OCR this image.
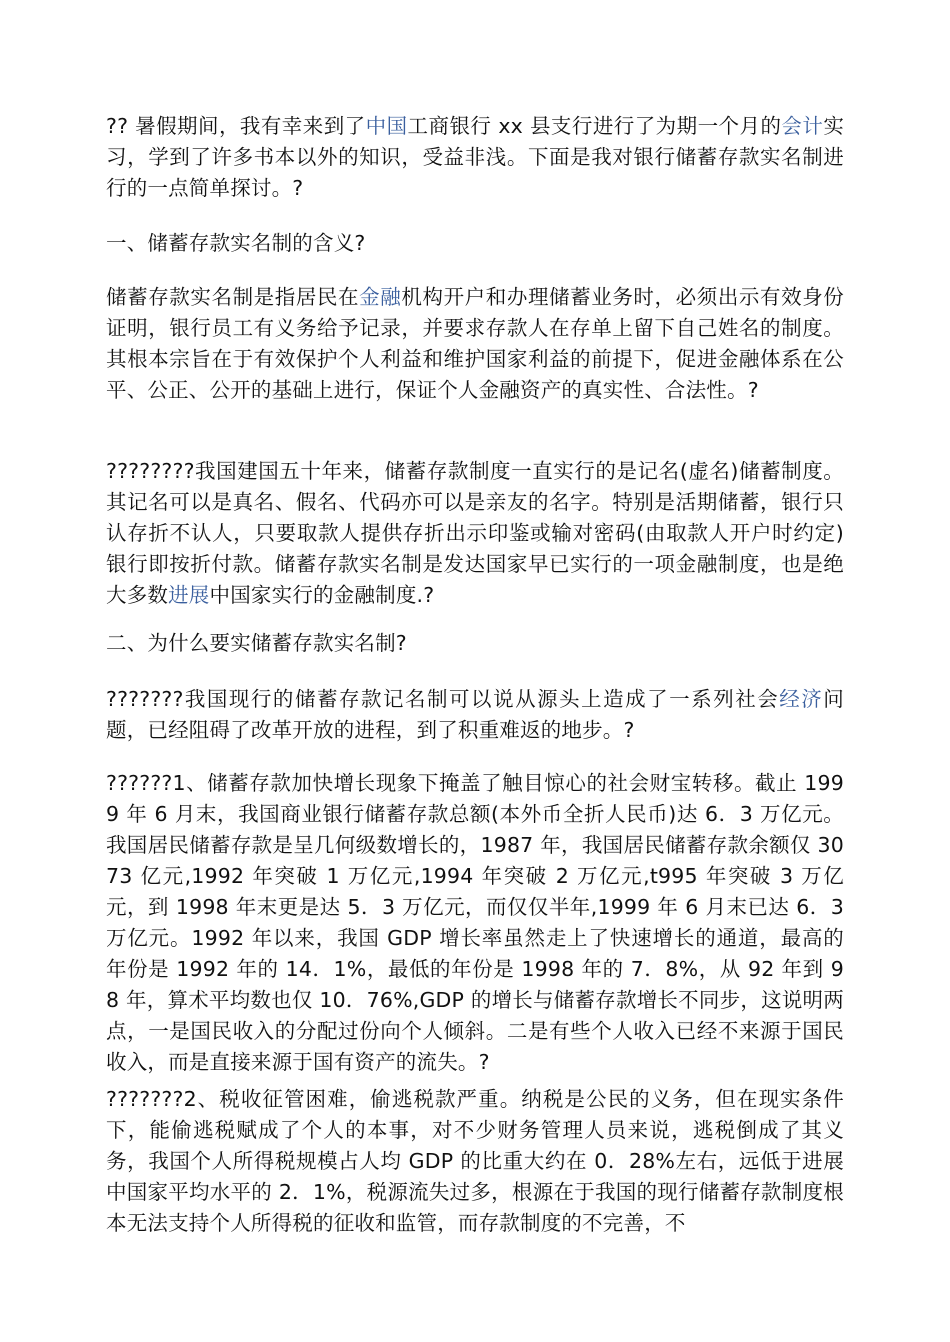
?? 暑假期间，我有幸来到了中国工商银行 xx 县支行进行了为期一个月的会计实习，学到了许多书本以外的知识，受益非浅。下面是我对银行储蓄存款实名制进行的一点简单探讨。?

一、储蓄存款实名制的含义?

储蓄存款实名制是指居民在金融机构开户和办理储蓄业务时，必须出示有效身份证明，银行员工有义务给予记录，并要求存款人在存单上留下自己姓名的制度。其根本宗旨在于有效保护个人利益和维护国家利益的前提下，促进金融体系在公平、公正、公开的基础上进行，保证个人金融资产的真实性、合法性。?

????????我国建国五十年来，储蓄存款制度一直实行的是记名(虚名)储蓄制度。其记名可以是真名、假名、代码亦可以是亲友的名字。特别是活期储蓄，银行只认存折不认人，只要取款人提供存折出示印鉴或输对密码(由取款人开户时约定)银行即按折付款。储蓄存款实名制是发达国家早已实行的一项金融制度，也是绝大多数进展中国家实行的金融制度.?

二、为什么要实储蓄存款实名制?

???????我国现行的储蓄存款记名制可以说从源头上造成了一系列社会经济问题，已经阻碍了改革开放的进程，到了积重难返的地步。?

??????1、储蓄存款加快增长现象下掩盖了触目惊心的社会财宝转移。截止 1999 年 6 月末，我国商业银行储蓄存款总额(本外币全折人民币)达 6．3 万亿元。我国居民储蓄存款是呈几何级数增长的，1987 年，我国居民储蓄存款余额仅 3073 亿元,1992 年突破 1 万亿元,1994 年突破 2 万亿元,t995 年突破 3 万亿元，到 1998 年末更是达 5．3 万亿元，而仅仅半年,1999 年 6 月末已达 6．3 万亿元。1992 年以来，我国 GDP 增长率虽然走上了快速增长的通道，最高的年份是 1992 年的 14．1%，最低的年份是 1998 年的 7．8%，从 92 年到 98 年，算术平均数也仅 10．76%,GDP 的增长与储蓄存款增长不同步，这说明两点，一是国民收入的分配过份向个人倾斜。二是有些个人收入已经不来源于国民收入，而是直接来源于国有资产的流失。?

???????2、税收征管困难，偷逃税款严重。纳税是公民的义务，但在现实条件下，能偷逃税赋成了个人的本事，对不少财务管理人员来说，逃税倒成了其义务，我国个人所得税规模占人均 GDP 的比重大约在 0．28%左右，远低于进展中国家平均水平的 2．1%，税源流失过多，根源在于我国的现行储蓄存款制度根本无法支持个人所得税的征收和监管，而存款制度的不完善，不
